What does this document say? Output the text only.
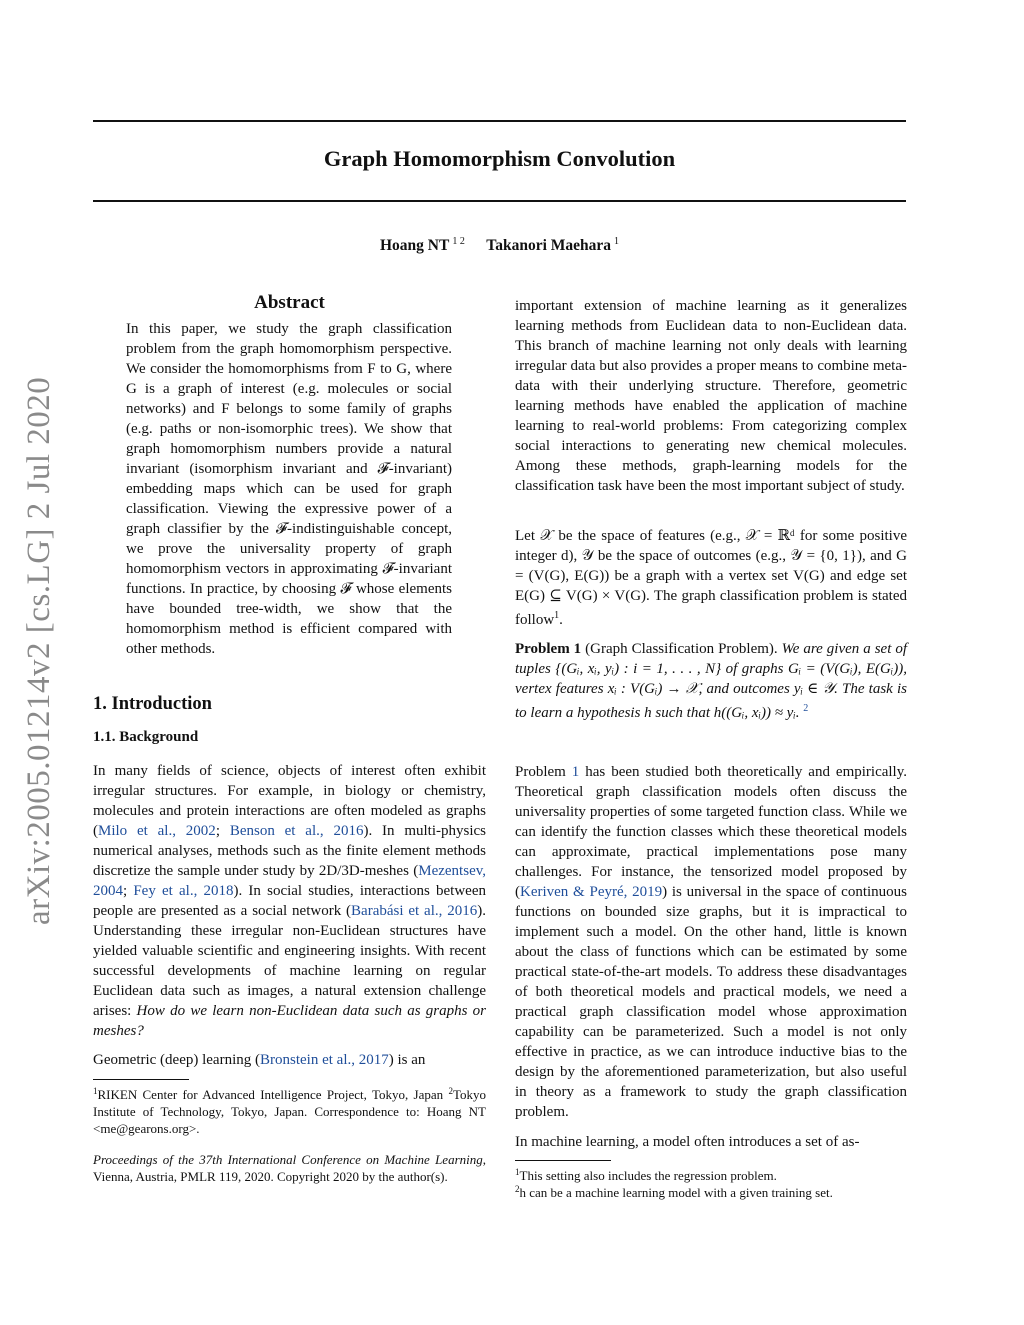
Graph Homomorphism Convolution
Hoang NT $^{1 2}$ Takanori Maehara $^1$
arXiv:2005.01214v2 [cs.LG] 2 Jul 2020
Abstract
In this paper, we study the graph classification problem from the graph homomorphism perspective. We consider the homomorphisms from F to G, where G is a graph of interest (e.g. molecules or social networks) and F belongs to some family of graphs (e.g. paths or non-isomorphic trees). We show that graph homomorphism numbers provide a natural invariant (isomorphism invariant and 𝓕-invariant) embedding maps which can be used for graph classification. Viewing the expressive power of a graph classifier by the 𝓕-indistinguishable concept, we prove the universality property of graph homomorphism vectors in approximating 𝓕-invariant functions. In practice, by choosing 𝓕 whose elements have bounded tree-width, we show that the homomorphism method is efficient compared with other methods.
1. Introduction
1.1. Background
In many fields of science, objects of interest often exhibit irregular structures. For example, in biology or chemistry, molecules and protein interactions are often modeled as graphs (Milo et al., 2002; Benson et al., 2016). In multi-physics numerical analyses, methods such as the finite element methods discretize the sample under study by 2D/3D-meshes (Mezentsev, 2004; Fey et al., 2018). In social studies, interactions between people are presented as a social network (Barabási et al., 2016). Understanding these irregular non-Euclidean structures have yielded valuable scientific and engineering insights. With recent successful developments of machine learning on regular Euclidean data such as images, a natural extension challenge arises: How do we learn non-Euclidean data such as graphs or meshes?
Geometric (deep) learning (Bronstein et al., 2017) is an
$^1$RIKEN Center for Advanced Intelligence Project, Tokyo, Japan $^2$Tokyo Institute of Technology, Tokyo, Japan. Correspondence to: Hoang NT <me@gearons.org>.
Proceedings of the 37th International Conference on Machine Learning, Vienna, Austria, PMLR 119, 2020. Copyright 2020 by the author(s).
important extension of machine learning as it generalizes learning methods from Euclidean data to non-Euclidean data. This branch of machine learning not only deals with learning irregular data but also provides a proper means to combine meta-data with their underlying structure. Therefore, geometric learning methods have enabled the application of machine learning to real-world problems: From categorizing complex social interactions to generating new chemical molecules. Among these methods, graph-learning models for the classification task have been the most important subject of study.
Let 𝒳 be the space of features (e.g., 𝒳 = ℝᵈ for some positive integer d), 𝒴 be the space of outcomes (e.g., 𝒴 = {0, 1}), and G = (V(G), E(G)) be a graph with a vertex set V(G) and edge set E(G) ⊆ V(G) × V(G). The graph classification problem is stated follow$^1$.
Problem 1 (Graph Classification Problem). We are given a set of tuples {(Gᵢ, xᵢ, yᵢ) : i = 1, . . . , N} of graphs Gᵢ = (V(Gᵢ), E(Gᵢ)), vertex features xᵢ : V(Gᵢ) → 𝒳, and outcomes yᵢ ∈ 𝒴. The task is to learn a hypothesis h such that h((Gᵢ, xᵢ)) ≈ yᵢ. $^2$
Problem 1 has been studied both theoretically and empirically. Theoretical graph classification models often discuss the universality properties of some targeted function class. While we can identify the function classes which these theoretical models can approximate, practical implementations pose many challenges. For instance, the tensorized model proposed by (Keriven & Peyré, 2019) is universal in the space of continuous functions on bounded size graphs, but it is impractical to implement such a model. On the other hand, little is known about the class of functions which can be estimated by some practical state-of-the-art models. To address these disadvantages of both theoretical models and practical models, we need a practical graph classification model whose approximation capability can be parameterized. Such a model is not only effective in practice, as we can introduce inductive bias to the design by the aforementioned parameterization, but also useful in theory as a framework to study the graph classification problem.
In machine learning, a model often introduces a set of as-
$^1$This setting also includes the regression problem.
$^2$h can be a machine learning model with a given training set.
